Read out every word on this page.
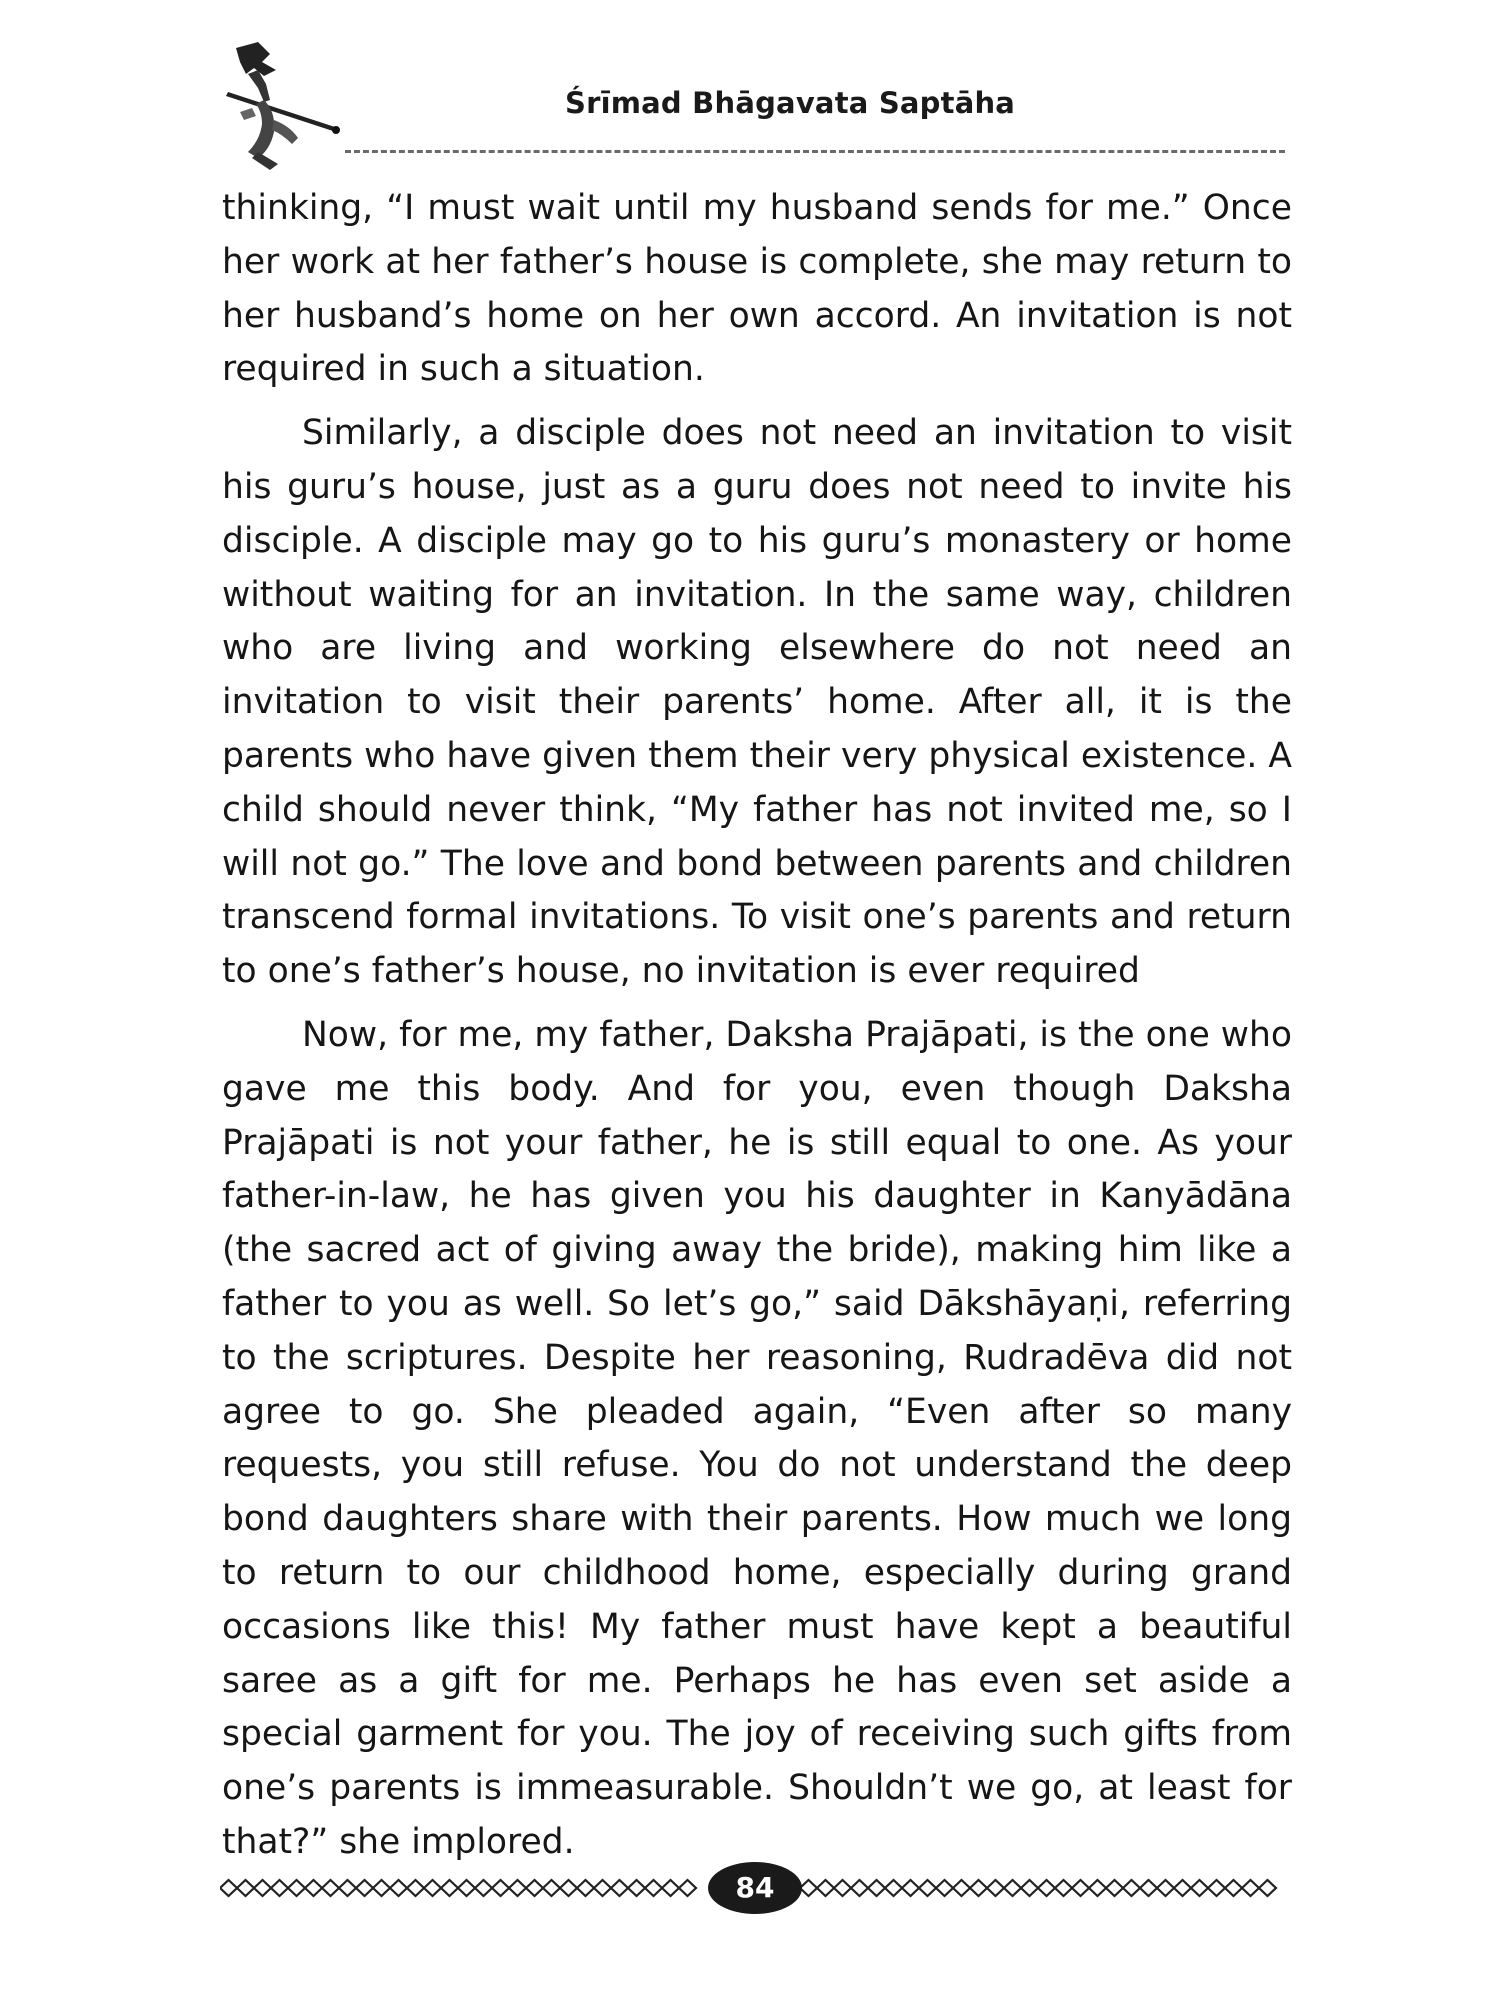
Śrīmad Bhāgavata Saptāha

thinking, “I must wait until my husband sends for me.” Once her work at her father’s house is complete, she may return to her husband’s home on her own accord. An invitation is not required in such a situation.

Similarly, a disciple does not need an invitation to visit his guru’s house, just as a guru does not need to invite his disciple. A disciple may go to his guru’s monastery or home without waiting for an invitation. In the same way, children who are living and working elsewhere do not need an invitation to visit their parents’ home. After all, it is the parents who have given them their very physical existence. A child should never think, “My father has not invited me, so I will not go.” The love and bond between parents and children transcend formal invitations. To visit one’s parents and return to one’s father’s house, no invitation is ever required

Now, for me, my father, Daksha Prajāpati, is the one who gave me this body. And for you, even though Daksha Prajāpati is not your father, he is still equal to one. As your father-in-law, he has given you his daughter in Kanyādāna (the sacred act of giving away the bride), making him like a father to you as well. So let’s go,” said Dākshāyaṇi, referring to the scriptures. Despite her reasoning, Rudradēva did not agree to go. She pleaded again, “Even after so many requests, you still refuse. You do not understand the deep bond daughters share with their parents. How much we long to return to our childhood home, especially during grand occasions like this! My father must have kept a beautiful saree as a gift for me. Perhaps he has even set aside a special garment for you. The joy of receiving such gifts from one’s parents is immeasurable. Shouldn’t we go, at least for that?” she implored.

84
